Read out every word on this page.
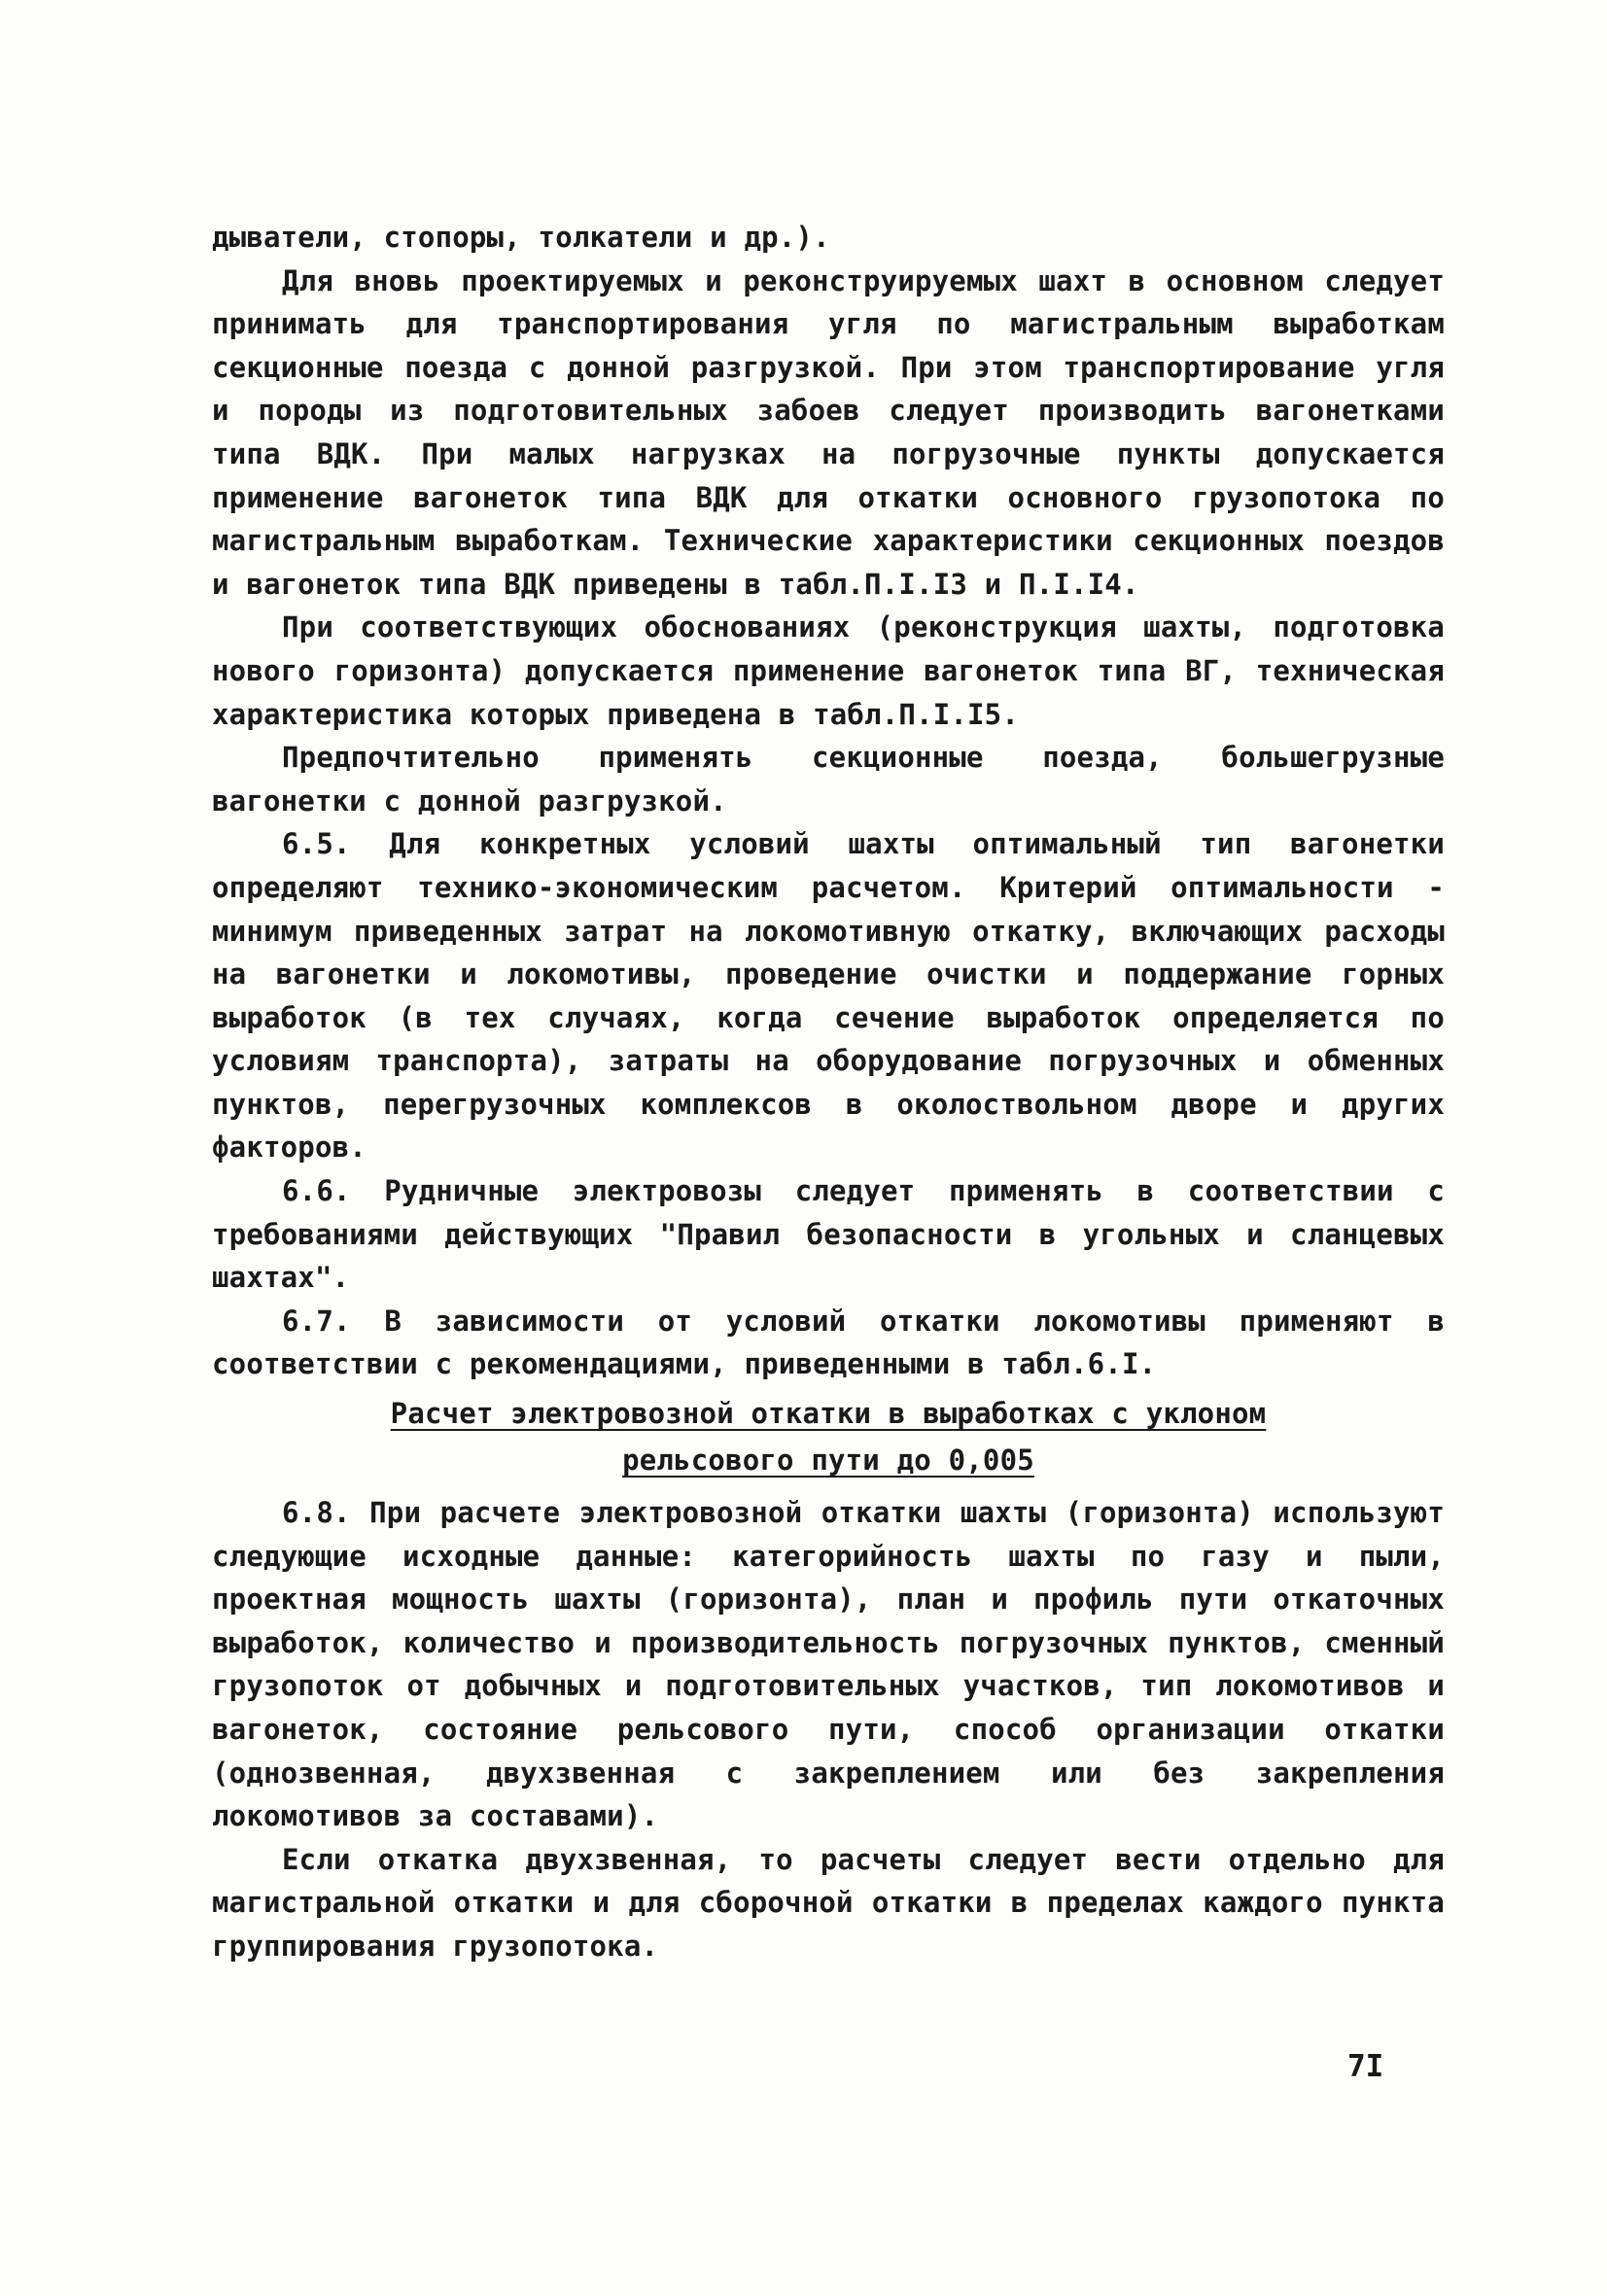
дыватели, стопоры, толкатели и др.).

Для вновь проектируемых и реконструируемых шахт в основном следует принимать для транспортирования угля по магистральным выработкам секционные поезда с донной разгрузкой. При этом транспортирование угля и породы из подготовительных забоев следует производить вагонетками типа ВДК. При малых нагрузках на погрузочные пункты допускается применение вагонеток типа ВДК для откатки основного грузопотока по магистральным выработкам. Технические характеристики секционных поездов и вагонеток типа ВДК приведены в табл.П.I.I3 и П.I.I4.

При соответствующих обоснованиях (реконструкция шахты, подготовка нового горизонта) допускается применение вагонеток типа ВГ, техническая характеристика которых приведена в табл.П.I.I5.

Предпочтительно применять секционные поезда, большегрузные вагонетки с донной разгрузкой.

6.5. Для конкретных условий шахты оптимальный тип вагонетки определяют технико-экономическим расчетом. Критерий оптимальности - минимум приведенных затрат на локомотивную откатку, включающих расходы на вагонетки и локомотивы, проведение очистки и поддержание горных выработок (в тех случаях, когда сечение выработок определяется по условиям транспорта), затраты на оборудование погрузочных и обменных пунктов, перегрузочных комплексов в околоствольном дворе и других факторов.

6.6. Рудничные электровозы следует применять в соответствии с требованиями действующих "Правил безопасности в угольных и сланцевых шахтах".

6.7. В зависимости от условий откатки локомотивы применяют в соответствии с рекомендациями, приведенными в табл.6.I.

Расчет электровозной откатки в выработках с уклоном
рельсового пути до 0,005

6.8. При расчете электровозной откатки шахты (горизонта) используют следующие исходные данные: категорийность шахты по газу и пыли, проектная мощность шахты (горизонта), план и профиль пути откаточных выработок, количество и производительность погрузочных пунктов, сменный грузопоток от добычных и подготовительных участков, тип локомотивов и вагонеток, состояние рельсового пути, способ организации откатки (однозвенная, двухзвенная с закреплением или без закрепления локомотивов за составами).

Если откатка двухзвенная, то расчеты следует вести отдельно для магистральной откатки и для сборочной откатки в пределах каждого пункта группирования грузопотока.

7I
